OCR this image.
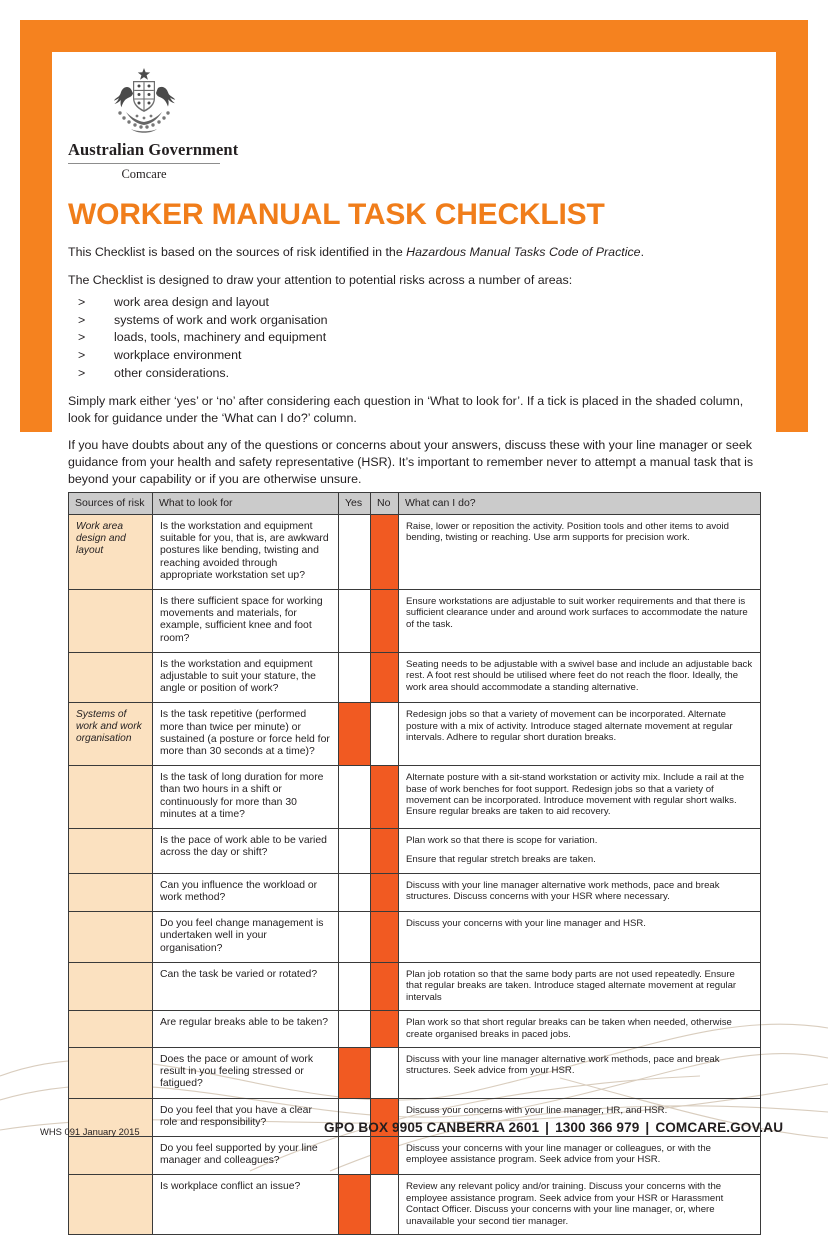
Australian Government
Comcare
WORKER MANUAL TASK CHECKLIST

This Checklist is based on the sources of risk identified in the Hazardous Manual Tasks Code of Practice.

The Checklist is designed to draw your attention to potential risks across a number of areas:

> work area design and layout
> systems of work and work organisation
> loads, tools, machinery and equipment
> workplace environment
> other considerations.

Simply mark either ‘yes’ or ‘no’ after considering each question in ‘What to look for’. If a tick is placed in the shaded column, look for guidance under the ‘What can I do?’ column.

If you have doubts about any of the questions or concerns about your answers, discuss these with your line manager or seek guidance from your health and safety representative (HSR). It’s important to remember never to attempt a manual task that is beyond your capability or if you are otherwise unsure.

Sources of risk	What to look for	Yes	No	What can I do?
Work area design and layout	Is the workstation and equipment suitable for you, that is, are awkward postures like bending, twisting and reaching avoided through appropriate workstation set up?			Raise, lower or reposition the activity. Position tools and other items to avoid bending, twisting or reaching. Use arm supports for precision work.

	Is there sufficient space for working movements and materials, for example, sufficient knee and foot room?			Ensure workstations are adjustable to suit worker requirements and that there is sufficient clearance under and around work surfaces to accommodate the nature of the task.

	Is the workstation and equipment adjustable to suit your stature, the angle or position of work?			Seating needs to be adjustable with a swivel base and include an adjustable back rest. A foot rest should be utilised where feet do not reach the floor. Ideally, the work area should accommodate a standing alternative.

Systems of work and work organisation	Is the task repetitive (performed more than twice per minute) or sustained (a posture or force held for more than 30 seconds at a time)?			Redesign jobs so that a variety of movement can be incorporated. Alternate posture with a mix of activity. Introduce staged alternate movement at regular intervals. Adhere to regular short duration breaks.

	Is the task of long duration for more than two hours in a shift or continuously for more than 30 minutes at a time?			Alternate posture with a sit-stand workstation or activity mix. Include a rail at the base of work benches for foot support. Redesign jobs so that a variety of movement can be incorporated. Introduce movement with regular short walks. Ensure regular breaks are taken to aid recovery.

	Is the pace of work able to be varied across the day or shift?			Plan work so that there is scope for variation.
Ensure that regular stretch breaks are taken.

	Can you influence the workload or work method?			Discuss with your line manager alternative work methods, pace and break structures. Discuss concerns with your HSR where necessary.

	Do you feel change management is undertaken well in your organisation?			Discuss your concerns with your line manager and HSR.

	Can the task be varied or rotated?			Plan job rotation so that the same body parts are not used repeatedly. Ensure that regular breaks are taken. Introduce staged alternate movement at regular intervals

	Are regular breaks able to be taken?			Plan work so that short regular breaks can be taken when needed, otherwise create organised breaks in paced jobs.

	Does the pace or amount of work result in you feeling stressed or fatigued?			Discuss with your line manager alternative work methods, pace and break structures. Seek advice from your HSR.

	Do you feel that you have a clear role and responsibility?			Discuss your concerns with your line manager, HR, and HSR.

	Do you feel supported by your line manager and colleagues?			Discuss your concerns with your line manager or colleagues, or with the employee assistance program. Seek advice from your HSR.

	Is workplace conflict an issue?			Review any relevant policy and/or training. Discuss your concerns with the employee assistance program. Seek advice from your HSR or Harassment Contact Officer. Discuss your concerns with your line manager, or, where unavailable your second tier manager.
WHS 091 January 2015	GPO BOX 9905 CANBERRA 2601 | 1300 366 979 | COMCARE.GOV.AU
